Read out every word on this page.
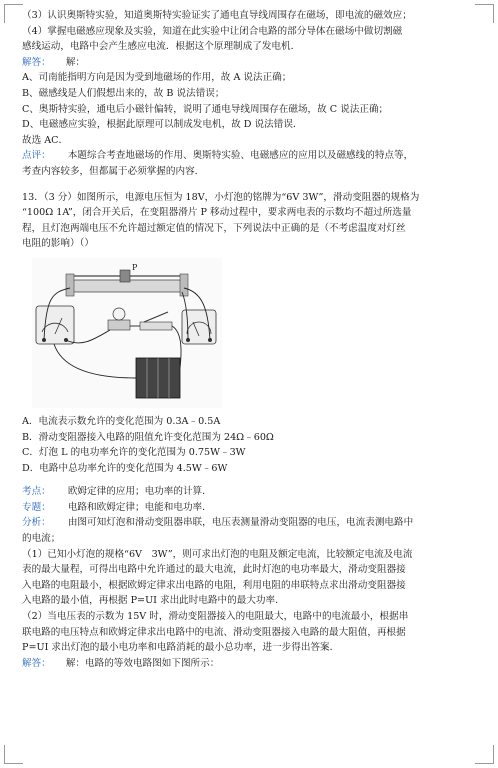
（3）认识奥斯特实验，知道奥斯特实验证实了通电直导线周围存在磁场，即电流的磁效应；
（4）掌握电磁感应现象及实验，知道在此实验中让闭合电路的部分导体在磁场中做切割磁
感线运动，电路中会产生感应电流．根据这个原理制成了发电机．
解答： 解：
A、司南能指明方向是因为受到地磁场的作用，故 A 说法正确；
B、磁感线是人们假想出来的，故 B 说法错误；
C、奥斯特实验，通电后小磁针偏转，说明了通电导线周围存在磁场，故 C 说法正确；
D、电磁感应实验，根据此原理可以制成发电机，故 D 说法错误．
故选 AC．
点评： 本题综合考查地磁场的作用、奥斯特实验、电磁感应的应用以及磁感线的特点等，
考查内容较多，但都属于必须掌握的内容．
13．（3 分）如图所示，电源电压恒为 18V，小灯泡的铭牌为“6V 3W”，滑动变阻器的规格为
“100Ω 1A”，闭合开关后，在变阻器滑片 P 移动过程中，要求两电表的示数均不超过所选量
程，且灯泡两端电压不允许超过额定值的情况下，下列说法中正确的是（不考虑温度对灯丝
电阻的影响）（）
P
A．电流表示数允许的变化范围为 0.3A﹣0.5A
B．滑动变阻器接入电路的阻值允许变化范围为 24Ω﹣60Ω
C．灯泡 L 的电功率允许的变化范围为 0.75W﹣3W
D．电路中总功率允许的变化范围为 4.5W﹣6W
考点： 欧姆定律的应用；电功率的计算．
专题： 电路和欧姆定律；电能和电功率．
分析： 由图可知灯泡和滑动变阻器串联，电压表测量滑动变阻器的电压，电流表测电路中
的电流；
（1）已知小灯泡的规格“6V　3W”，则可求出灯泡的电阻及额定电流，比较额定电流及电流
表的最大量程，可得出电路中允许通过的最大电流，此时灯泡的电功率最大，滑动变阻器接
入电路的电阻最小，根据欧姆定律求出电路的电阻，利用电阻的串联特点求出滑动变阻器接
入电路的最小值，再根据 P=UI 求出此时电路中的最大功率．
（2）当电压表的示数为 15V 时，滑动变阻器接入的电阻最大，电路中的电流最小，根据串
联电路的电压特点和欧姆定律求出电路中的电流、滑动变阻器接入电路的最大阻值，再根据
P=UI 求出灯泡的最小电功率和电路消耗的最小总功率，进一步得出答案．
解答： 解：电路的等效电路图如下图所示：
